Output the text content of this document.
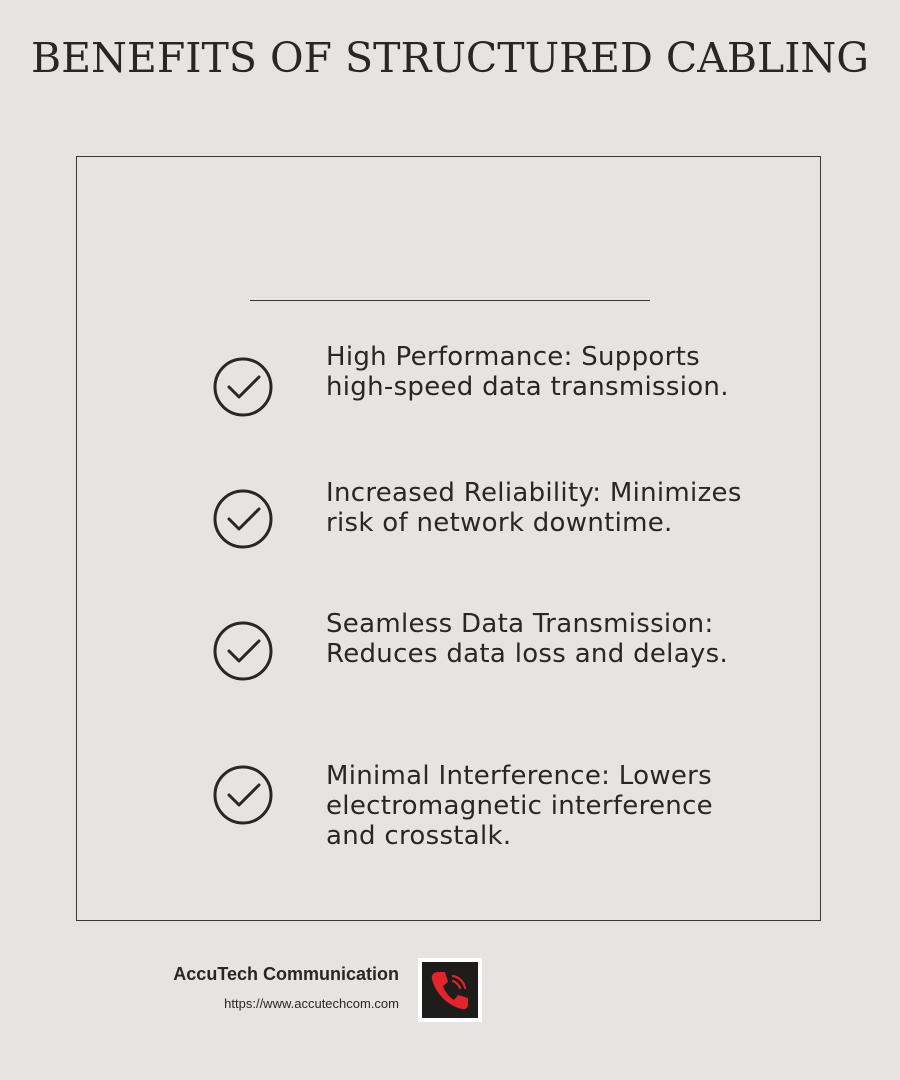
BENEFITS OF STRUCTURED CABLING
High Performance: Supports high-speed data transmission.
Increased Reliability: Minimizes risk of network downtime.
Seamless Data Transmission: Reduces data loss and delays.
Minimal Interference: Lowers electromagnetic interference and crosstalk.
AccuTech Communication
https://www.accutechcom.com
